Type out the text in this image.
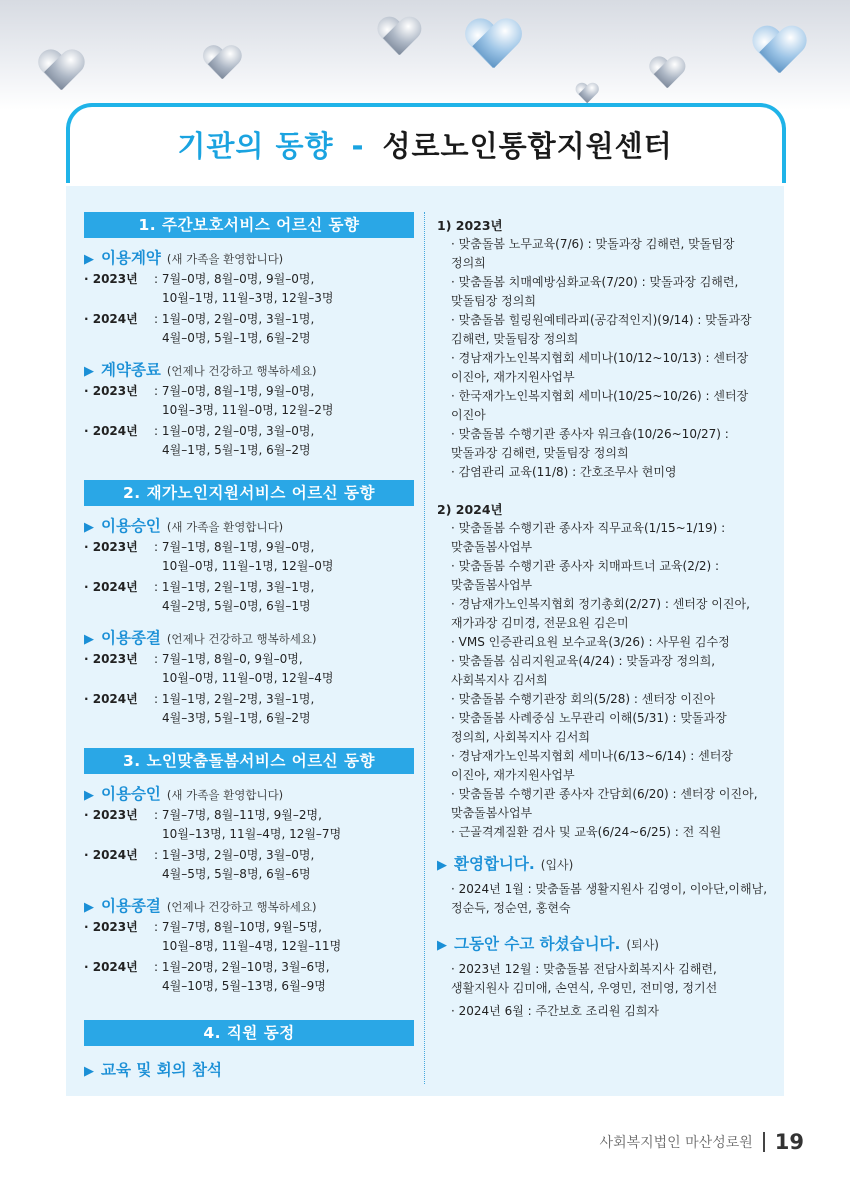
기관의 동향 - 성로노인통합지원센터
1. 주간보호서비스 어르신 동향
▶ 이용계약 (새 가족을 환영합니다)
· 2023년	: 7월–0명, 8월–0명, 9월–0명,
10월–1명, 11월–3명, 12월–3명
· 2024년	: 1월–0명, 2월–0명, 3월–1명,
4월–0명, 5월–1명, 6월–2명
▶ 계약종료 (언제나 건강하고 행복하세요)
· 2023년	: 7월–0명, 8월–1명, 9월–0명,
10월–3명, 11월–0명, 12월–2명
· 2024년	: 1월–0명, 2월–0명, 3월–0명,
4월–1명, 5월–1명, 6월–2명
2. 재가노인지원서비스 어르신 동향
▶ 이용승인 (새 가족을 환영합니다)
· 2023년	: 7월–1명, 8월–1명, 9월–0명,
10월–0명, 11월–1명, 12월–0명
· 2024년	: 1월–1명, 2월–1명, 3월–1명,
4월–2명, 5월–0명, 6월–1명
▶ 이용종결 (언제나 건강하고 행복하세요)
· 2023년	: 7월–1명, 8월–0, 9월–0명,
10월–0명, 11월–0명, 12월–4명
· 2024년	: 1월–1명, 2월–2명, 3월–1명,
4월–3명, 5월–1명, 6월–2명
3. 노인맞춤돌봄서비스 어르신 동향
▶ 이용승인 (새 가족을 환영합니다)
· 2023년	: 7월–7명, 8월–11명, 9월–2명,
10월–13명, 11월–4명, 12월–7명
· 2024년	: 1월–3명, 2월–0명, 3월–0명,
4월–5명, 5월–8명, 6월–6명
▶ 이용종결 (언제나 건강하고 행복하세요)
· 2023년	: 7월–7명, 8월–10명, 9월–5명,
10월–8명, 11월–4명, 12월–11명
· 2024년	: 1월–20명, 2월–10명, 3월–6명,
4월–10명, 5월–13명, 6월–9명
4. 직원 동정
▶ 교육 및 회의 참석
1) 2023년
· 맞춤돌봄 노무교육(7/6) : 맞돌과장 김해련, 맞돌팀장
정의희
· 맞춤돌봄 치매예방심화교육(7/20) : 맞돌과장 김해련,
맞돌팀장 정의희
· 맞춤돌봄 힐링원예테라피(공감적인지)(9/14) : 맞돌과장
김해련, 맞돌팀장 정의희
· 경남재가노인복지협회 세미나(10/12~10/13) : 센터장
이진아, 재가지원사업부
· 한국재가노인복지협회 세미나(10/25~10/26) : 센터장
이진아
· 맞춤돌봄 수행기관 종사자 워크숍(10/26~10/27) :
맞돌과장 김해련, 맞돌팀장 정의희
· 감염관리 교육(11/8) : 간호조무사 현미영
2) 2024년
· 맞춤돌봄 수행기관 종사자 직무교육(1/15~1/19) :
맞춤돌봄사업부
· 맞춤돌봄 수행기관 종사자 치매파트너 교육(2/2) :
맞춤돌봄사업부
· 경남재가노인복지협회 정기총회(2/27) : 센터장 이진아,
재가과장 김미경, 전문요원 김은미
· VMS 인증관리요원 보수교육(3/26) : 사무원 김수정
· 맞춤돌봄 심리지원교육(4/24) : 맞돌과장 정의희,
사회복지사 김서희
· 맞춤돌봄 수행기관장 회의(5/28) : 센터장 이진아
· 맞춤돌봄 사례중심 노무관리 이해(5/31) : 맞돌과장
정의희, 사회복지사 김서희
· 경남재가노인복지협회 세미나(6/13~6/14) : 센터장
이진아, 재가지원사업부
· 맞춤돌봄 수행기관 종사자 간담회(6/20) : 센터장 이진아,
맞춤돌봄사업부
· 근골격계질환 검사 및 교육(6/24~6/25) : 전 직원
▶ 환영합니다. (입사)
· 2024년 1월 : 맞춤돌봄 생활지원사 김영이, 이아단,이해남,
정순득, 정순연, 홍현숙
▶ 그동안 수고 하셨습니다. (퇴사)
· 2023년 12월 : 맞춤돌봄 전담사회복지사 김해련,
생활지원사 김미애, 손연식, 우영민, 전미영, 정기선
· 2024년 6월 : 주간보호 조리원 김희자
사회복지법인 마산성로원 19
